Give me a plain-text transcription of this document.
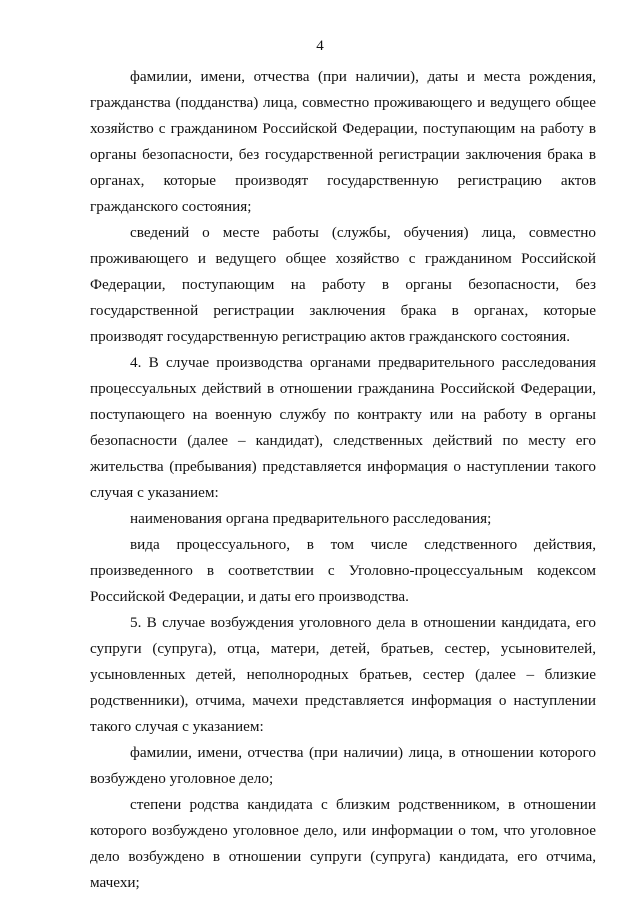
4

фамилии, имени, отчества (при наличии), даты и места рождения, гражданства (подданства) лица, совместно проживающего и ведущего общее хозяйство с гражданином Российской Федерации, поступающим на работу в органы безопасности, без государственной регистрации заключения брака в органах, которые производят государственную регистрацию актов гражданского состояния;

сведений о месте работы (службы, обучения) лица, совместно проживающего и ведущего общее хозяйство с гражданином Российской Федерации, поступающим на работу в органы безопасности, без государственной регистрации заключения брака в органах, которые производят государственную регистрацию актов гражданского состояния.

4. В случае производства органами предварительного расследования процессуальных действий в отношении гражданина Российской Федерации, поступающего на военную службу по контракту или на работу в органы безопасности (далее – кандидат), следственных действий по месту его жительства (пребывания) представляется информация о наступлении такого случая с указанием:

наименования органа предварительного расследования;

вида процессуального, в том числе следственного действия, произведенного в соответствии с Уголовно-процессуальным кодексом Российской Федерации, и даты его производства.

5. В случае возбуждения уголовного дела в отношении кандидата, его супруги (супруга), отца, матери, детей, братьев, сестер, усыновителей, усыновленных детей, неполнородных братьев, сестер (далее – близкие родственники), отчима, мачехи представляется информация о наступлении такого случая с указанием:

фамилии, имени, отчества (при наличии) лица, в отношении которого возбуждено уголовное дело;

степени родства кандидата с близким родственником, в отношении которого возбуждено уголовное дело, или информации о том, что уголовное дело возбуждено в отношении супруги (супруга) кандидата, его отчима, мачехи;
